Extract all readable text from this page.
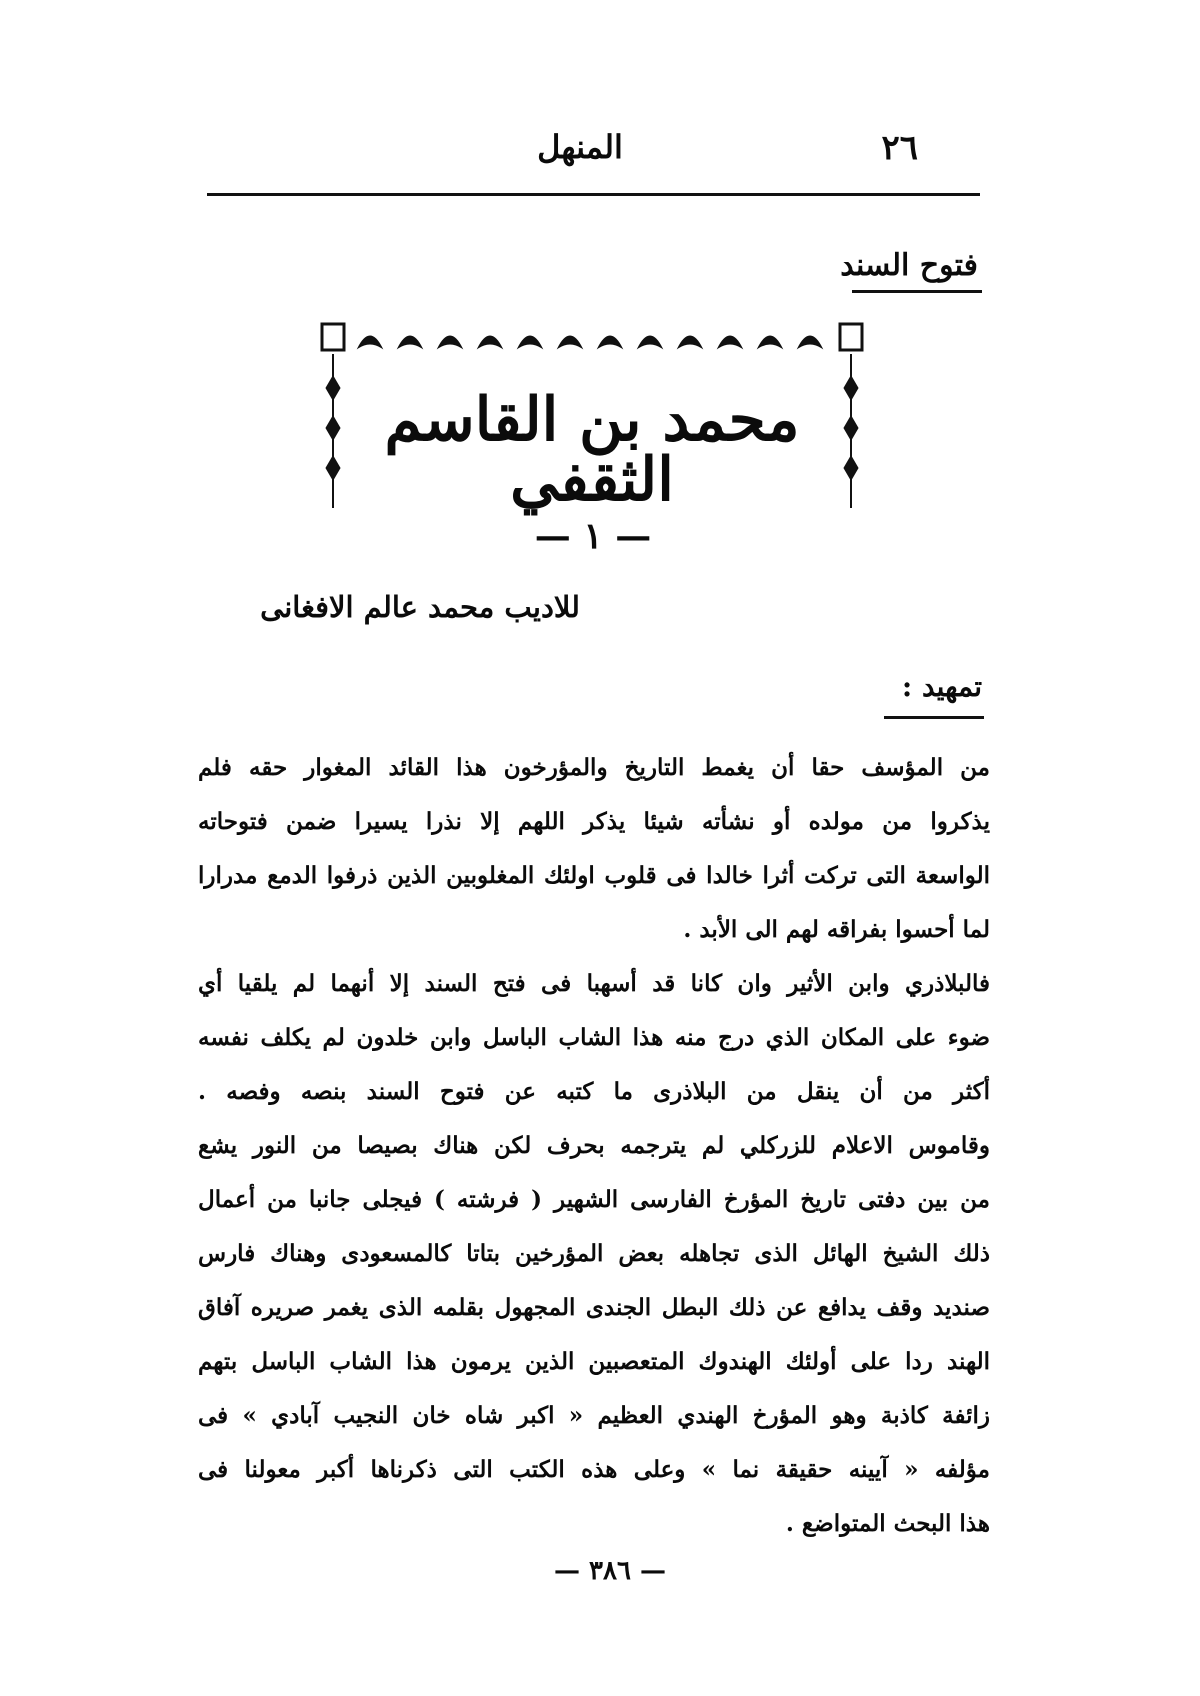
٢٦
المنهل
فتوح السند
محمد بن القاسم الثقفي
— ١ —
للاديب محمد عالم الافغانى
تمهيد :
من المؤسف حقا أن يغمط التاريخ والمؤرخون هذا القائد المغوار حقه فلم
يذكروا من مولده أو نشأته شيئا يذكر اللهم إلا نذرا يسيرا ضمن فتوحاته
الواسعة التى تركت أثرا خالدا فى قلوب اولئك المغلوبين الذين ذرفوا الدمع مدرارا
لما أحسوا بفراقه لهم الى الأبد .
فالبلاذري وابن الأثير وان كانا قد أسهبا فى فتح السند إلا أنهما لم يلقيا أي
ضوء على المكان الذي درج منه هذا الشاب الباسل وابن خلدون لم يكلف نفسه
أكثر من أن ينقل من البلاذرى ما كتبه عن فتوح السند بنصه وفصه .
وقاموس الاعلام للزركلي لم يترجمه بحرف لكن هناك بصيصا من النور يشع
من بين دفتى تاريخ المؤرخ الفارسى الشهير ( فرشته ) فيجلى جانبا من أعمال
ذلك الشيخ الهائل الذى تجاهله بعض المؤرخين بتاتا كالمسعودى وهناك فارس
صنديد وقف يدافع عن ذلك البطل الجندى المجهول بقلمه الذى يغمر صريره آفاق
الهند ردا على أولئك الهندوك المتعصبين الذين يرمون هذا الشاب الباسل بتهم
زائفة كاذبة وهو المؤرخ الهندي العظيم « اكبر شاه خان النجيب آبادي » فى
مؤلفه « آيينه حقيقة نما » وعلى هذه الكتب التى ذكرناها أكبر معولنا فى
هذا البحث المتواضع .
— ٣٨٦ —
